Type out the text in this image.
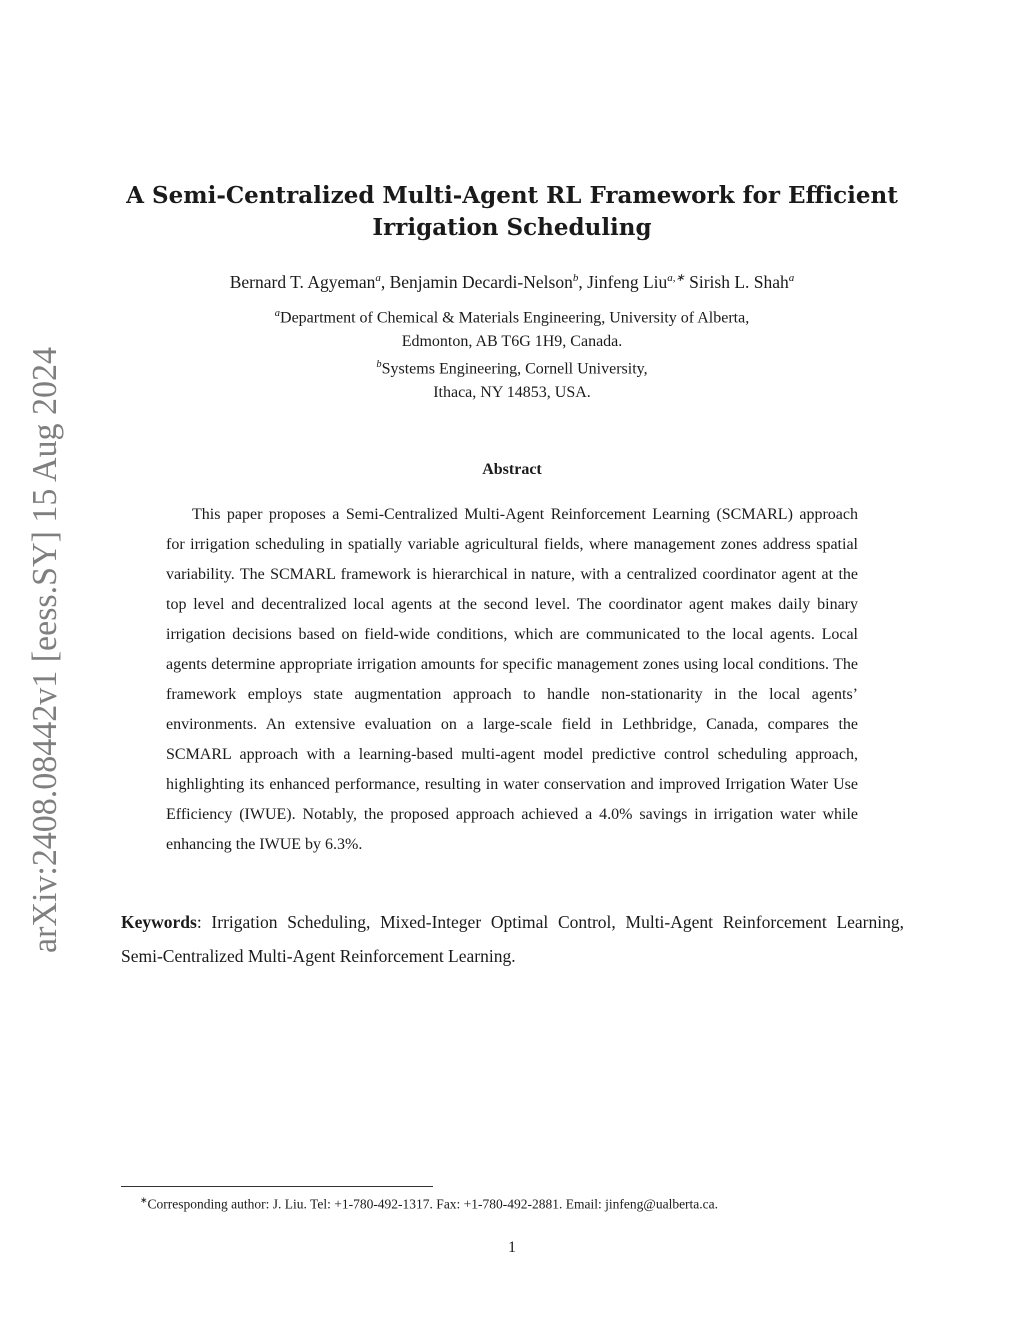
arXiv:2408.08442v1 [eess.SY] 15 Aug 2024
A Semi-Centralized Multi-Agent RL Framework for Efficient
Irrigation Scheduling
Bernard T. Agyeman$^a$, Benjamin Decardi-Nelson$^b$, Jinfeng Liu$^{a,∗}$ Sirish L. Shah$^a$
$^a$Department of Chemical & Materials Engineering, University of Alberta,
Edmonton, AB T6G 1H9, Canada.
$^b$Systems Engineering, Cornell University,
Ithaca, NY 14853, USA.
Abstract

This paper proposes a Semi-Centralized Multi-Agent Reinforcement Learning (SCMARL) approach for irrigation scheduling in spatially variable agricultural fields, where management zones address spatial variability. The SCMARL framework is hierarchical in nature, with a centralized coordinator agent at the top level and decentralized local agents at the second level. The coordinator agent makes daily binary irrigation decisions based on field-wide conditions, which are communicated to the local agents. Local agents determine appropriate irrigation amounts for specific management zones using local conditions. The framework employs state augmentation approach to handle non-stationarity in the local agents’ environments. An extensive evaluation on a large-scale field in Lethbridge, Canada, compares the SCMARL approach with a learning-based multi-agent model predictive control scheduling approach, highlighting its enhanced performance, resulting in water conservation and improved Irrigation Water Use Efficiency (IWUE). Notably, the proposed approach achieved a 4.0% savings in irrigation water while enhancing the IWUE by 6.3%.

Keywords: Irrigation Scheduling, Mixed-Integer Optimal Control, Multi-Agent Reinforcement Learning, Semi-Centralized Multi-Agent Reinforcement Learning.

∗Corresponding author: J. Liu. Tel: +1-780-492-1317. Fax: +1-780-492-2881. Email: jinfeng@ualberta.ca.
1
